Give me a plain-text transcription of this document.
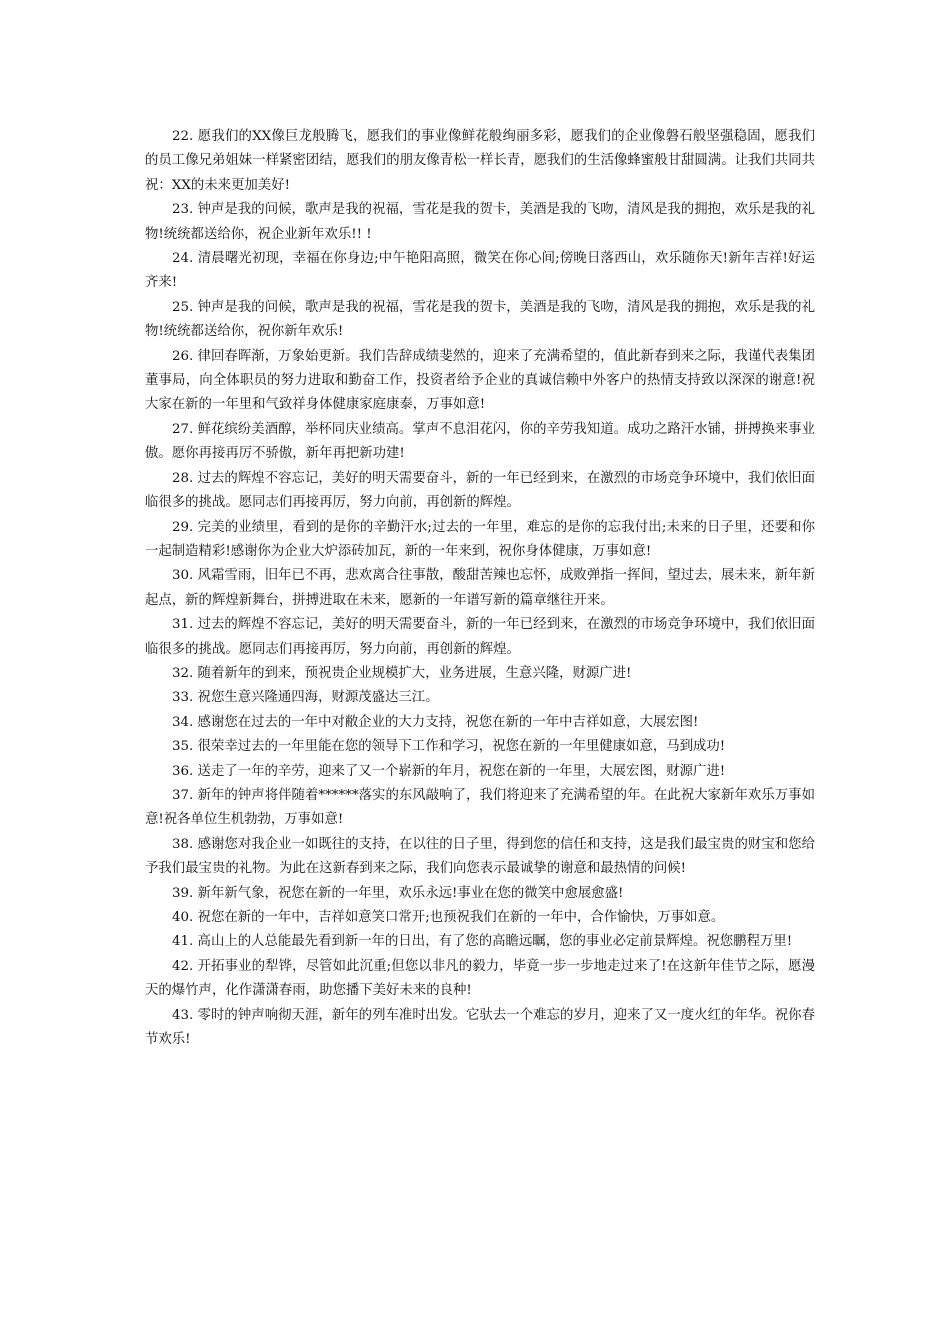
22. 愿我们的XX像巨龙般腾飞，愿我们的事业像鲜花般绚丽多彩，愿我们的企业像磐石般坚强稳固，愿我们的员工像兄弟姐妹一样紧密团结，愿我们的朋友像青松一样长青，愿我们的生活像蜂蜜般甘甜圆满。让我们共同共祝：XX的未来更加美好!

23. 钟声是我的问候，歌声是我的祝福，雪花是我的贺卡，美酒是我的飞吻，清风是我的拥抱，欢乐是我的礼物!统统都送给你，祝企业新年欢乐!! !

24. 清晨曙光初现，幸福在你身边;中午艳阳高照，微笑在你心间;傍晚日落西山，欢乐随你天!新年吉祥!好运齐来!

25. 钟声是我的问候，歌声是我的祝福，雪花是我的贺卡，美酒是我的飞吻，清风是我的拥抱，欢乐是我的礼物!统统都送给你，祝你新年欢乐!

26. 律回春晖渐，万象始更新。我们告辞成绩斐然的，迎来了充满希望的，值此新春到来之际，我谨代表集团董事局，向全体职员的努力进取和勤奋工作，投资者给予企业的真诚信赖中外客户的热情支持致以深深的谢意!祝大家在新的一年里和气致祥身体健康家庭康泰，万事如意!

27. 鲜花缤纷美酒醇，举杯同庆业绩高。掌声不息泪花闪，你的辛劳我知道。成功之路汗水铺，拼搏换来事业傲。愿你再接再厉不骄傲，新年再把新功建!

28. 过去的辉煌不容忘记，美好的明天需要奋斗，新的一年已经到来，在激烈的市场竞争环境中，我们依旧面临很多的挑战。愿同志们再接再厉，努力向前，再创新的辉煌。

29. 完美的业绩里，看到的是你的辛勤汗水;过去的一年里，难忘的是你的忘我付出;未来的日子里，还要和你一起制造精彩!感谢你为企业大炉添砖加瓦，新的一年来到，祝你身体健康，万事如意!

30. 风霜雪雨，旧年已不再，悲欢离合往事散，酸甜苦辣也忘怀，成败弹指一挥间，望过去，展未来，新年新起点，新的辉煌新舞台，拼搏进取在未来，愿新的一年谱写新的篇章继往开来。

31. 过去的辉煌不容忘记，美好的明天需要奋斗，新的一年已经到来，在激烈的市场竞争环境中，我们依旧面临很多的挑战。愿同志们再接再厉，努力向前，再创新的辉煌。

32. 随着新年的到来，预祝贵企业规模扩大，业务进展，生意兴隆，财源广进!

33. 祝您生意兴隆通四海，财源茂盛达三江。

34. 感谢您在过去的一年中对敝企业的大力支持，祝您在新的一年中吉祥如意，大展宏图!

35. 很荣幸过去的一年里能在您的领导下工作和学习，祝您在新的一年里健康如意，马到成功!

36. 送走了一年的辛劳，迎来了又一个崭新的年月，祝您在新的一年里，大展宏图，财源广进!

37. 新年的钟声将伴随着******落实的东风敲响了，我们将迎来了充满希望的年。在此祝大家新年欢乐万事如意!祝各单位生机勃勃，万事如意!

38. 感谢您对我企业一如既往的支持，在以往的日子里，得到您的信任和支持，这是我们最宝贵的财宝和您给予我们最宝贵的礼物。为此在这新春到来之际，我们向您表示最诚挚的谢意和最热情的问候!

39. 新年新气象，祝您在新的一年里，欢乐永远!事业在您的微笑中愈展愈盛!

40. 祝您在新的一年中，吉祥如意笑口常开;也预祝我们在新的一年中，合作愉快，万事如意。

41. 高山上的人总能最先看到新一年的日出，有了您的高瞻远瞩，您的事业必定前景辉煌。祝您鹏程万里!

42. 开拓事业的犁铧，尽管如此沉重;但您以非凡的毅力，毕竟一步一步地走过来了!在这新年佳节之际，愿漫天的爆竹声，化作潇潇春雨，助您播下美好未来的良种!

43. 零时的钟声响彻天涯，新年的列车准时出发。它驮去一个难忘的岁月，迎来了又一度火红的年华。祝你春节欢乐!
